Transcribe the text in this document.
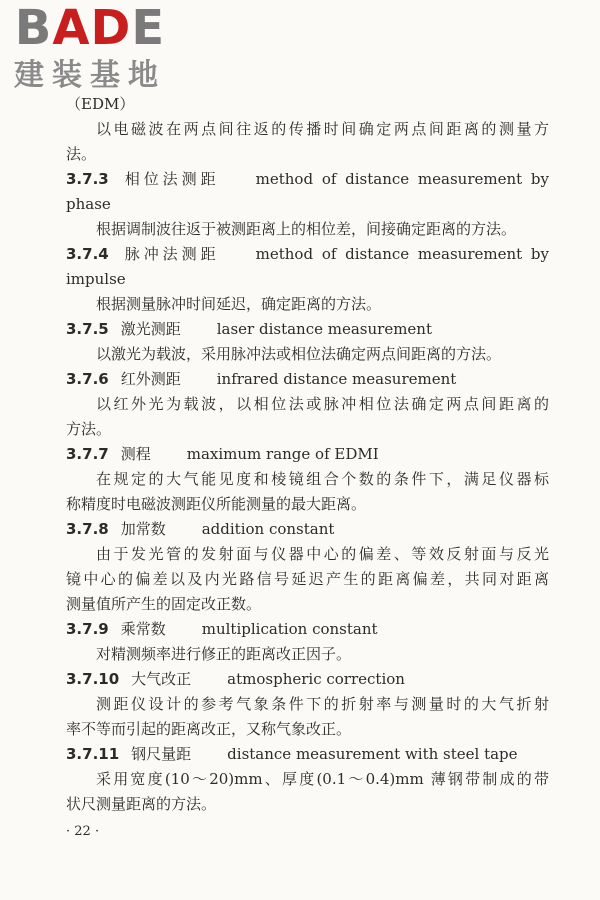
BADE
建装基地
（EDM）
以电磁波在两点间往返的传播时间确定两点间距离的测量方
法。
3.7.3 相位法测距 method of distance measurement by
phase
根据调制波往返于被测距离上的相位差，间接确定距离的方法。
3.7.4 脉冲法测距 method of distance measurement by
impulse
根据测量脉冲时间延迟，确定距离的方法。
3.7.5 激光测距 laser distance measurement
以激光为载波，采用脉冲法或相位法确定两点间距离的方法。
3.7.6 红外测距 infrared distance measurement
以红外光为载波，以相位法或脉冲相位法确定两点间距离的
方法。
3.7.7 测程 maximum range of EDMI
在规定的大气能见度和棱镜组合个数的条件下，满足仪器标
称精度时电磁波测距仪所能测量的最大距离。
3.7.8 加常数 addition constant
由于发光管的发射面与仪器中心的偏差、等效反射面与反光
镜中心的偏差以及内光路信号延迟产生的距离偏差，共同对距离
测量值所产生的固定改正数。
3.7.9 乘常数 multiplication constant
对精测频率进行修正的距离改正因子。
3.7.10 大气改正 atmospheric correction
测距仪设计的参考气象条件下的折射率与测量时的大气折射
率不等而引起的距离改正，又称气象改正。
3.7.11 钢尺量距 distance measurement with steel tape
采用宽度(10～20)mm、厚度(0.1～0.4)mm 薄钢带制成的带
状尺测量距离的方法。
· 22 ·
